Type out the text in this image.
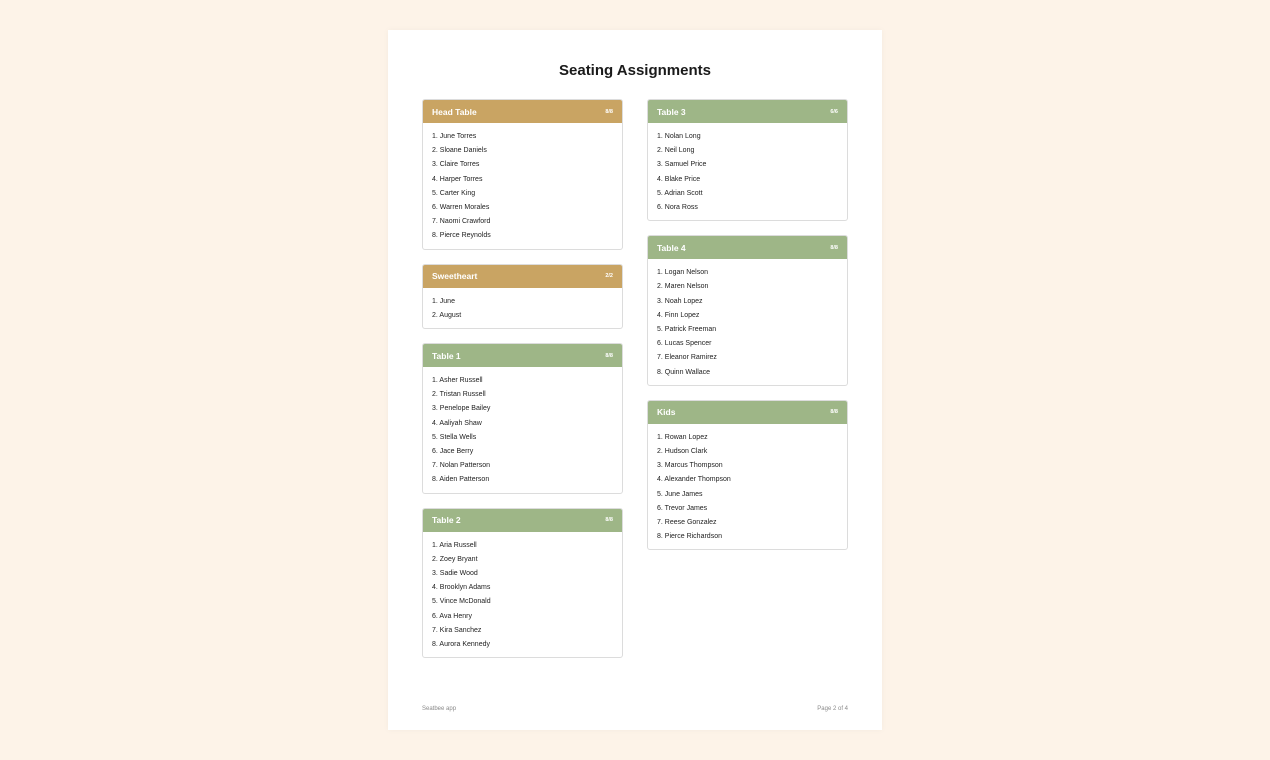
Seating Assignments
Head Table	8/8
1. June Torres
2. Sloane Daniels
3. Claire Torres
4. Harper Torres
5. Carter King
6. Warren Morales
7. Naomi Crawford
8. Pierce Reynolds
Sweetheart	2/2
1. June
2. August
Table 1	8/8
1. Asher Russell
2. Tristan Russell
3. Penelope Bailey
4. Aaliyah Shaw
5. Stella Wells
6. Jace Berry
7. Nolan Patterson
8. Aiden Patterson
Table 2	8/8
1. Aria Russell
2. Zoey Bryant
3. Sadie Wood
4. Brooklyn Adams
5. Vince McDonald
6. Ava Henry
7. Kira Sanchez
8. Aurora Kennedy
Table 3	6/6
1. Nolan Long
2. Neil Long
3. Samuel Price
4. Blake Price
5. Adrian Scott
6. Nora Ross
Table 4	8/8
1. Logan Nelson
2. Maren Nelson
3. Noah Lopez
4. Finn Lopez
5. Patrick Freeman
6. Lucas Spencer
7. Eleanor Ramirez
8. Quinn Wallace
Kids	8/8
1. Rowan Lopez
2. Hudson Clark
3. Marcus Thompson
4. Alexander Thompson
5. June James
6. Trevor James
7. Reese Gonzalez
8. Pierce Richardson
Seatbee app	Page 2 of 4
